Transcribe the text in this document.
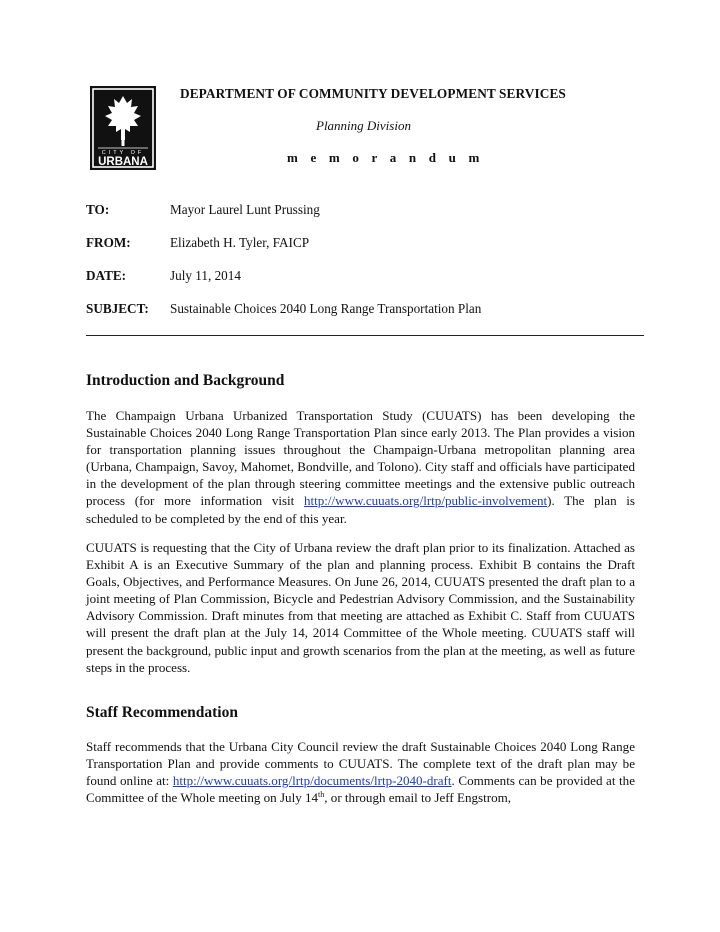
CITY OF
URBANA
DEPARTMENT OF COMMUNITY DEVELOPMENT SERVICES
Planning Division
m e m o r a n d u m
TO:	Mayor Laurel Lunt Prussing
FROM:	Elizabeth H. Tyler, FAICP
DATE:	July 11, 2014
SUBJECT: Sustainable Choices 2040 Long Range Transportation Plan
Introduction and Background

The Champaign Urbana Urbanized Transportation Study (CUUATS) has been developing the Sustainable Choices 2040 Long Range Transportation Plan since early 2013. The Plan provides a vision for transportation planning issues throughout the Champaign-Urbana metropolitan planning area (Urbana, Champaign, Savoy, Mahomet, Bondville, and Tolono). City staff and officials have participated in the development of the plan through steering committee meetings and the extensive public outreach process (for more information visit http://www.cuuats.org/lrtp/public-involvement). The plan is scheduled to be completed by the end of this year.

CUUATS is requesting that the City of Urbana review the draft plan prior to its finalization. Attached as Exhibit A is an Executive Summary of the plan and planning process. Exhibit B contains the Draft Goals, Objectives, and Performance Measures. On June 26, 2014, CUUATS presented the draft plan to a joint meeting of Plan Commission, Bicycle and Pedestrian Advisory Commission, and the Sustainability Advisory Commission. Draft minutes from that meeting are attached as Exhibit C. Staff from CUUATS will present the draft plan at the July 14, 2014 Committee of the Whole meeting. CUUATS staff will present the background, public input and growth scenarios from the plan at the meeting, as well as future steps in the process.

Staff Recommendation

Staff recommends that the Urbana City Council review the draft Sustainable Choices 2040 Long Range Transportation Plan and provide comments to CUUATS. The complete text of the draft plan may be found online at: http://www.cuuats.org/lrtp/documents/lrtp-2040-draft. Comments can be provided at the Committee of the Whole meeting on July 14th, or through email to Jeff Engstrom,
